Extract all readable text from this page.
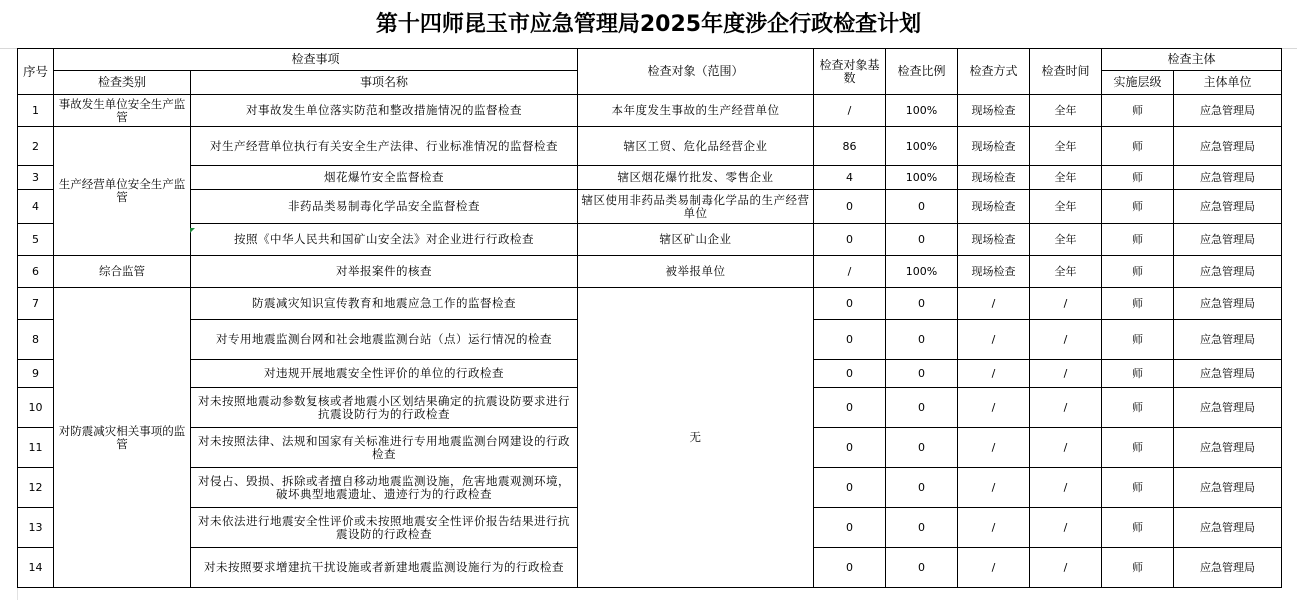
第十四师昆玉市应急管理局2025年度涉企行政检查计划
序号	检查事项		检查对象（范围）	检查对象基数	检查比例	检查方式	检查时间	检查主体	
	检查类别	事项名称						实施层级	主体单位
1	事故发生单位安全生产监管	对事故发生单位落实防范和整改措施情况的监督检查	本年度发生事故的生产经营单位	/	100%	现场检查	全年	师	应急管理局
2	生产经营单位安全生产监管	对生产经营单位执行有关安全生产法律、行业标准情况的监督检查	辖区工贸、危化品经营企业	86	100%	现场检查	全年	师	应急管理局
3		烟花爆竹安全监督检查	辖区烟花爆竹批发、零售企业	4	100%	现场检查	全年	师	应急管理局
4		非药品类易制毒化学品安全监督检查	辖区使用非药品类易制毒化学品的生产经营单位	0	0	现场检查	全年	师	应急管理局
5		按照《中华人民共和国矿山安全法》对企业进行行政检查	辖区矿山企业	0	0	现场检查	全年	师	应急管理局
6	综合监管	对举报案件的核查	被举报单位	/	100%	现场检查	全年	师	应急管理局
7	对防震减灾相关事项的监管	防震减灾知识宣传教育和地震应急工作的监督检查	无	0	0	/	/	师	应急管理局
8		对专用地震监测台网和社会地震监测台站（点）运行情况的检查		0	0	/	/	师	应急管理局
9		对违规开展地震安全性评价的单位的行政检查		0	0	/	/	师	应急管理局
10		对未按照地震动参数复核或者地震小区划结果确定的抗震设防要求进行抗震设防行为的行政检查		0	0	/	/	师	应急管理局
11		对未按照法律、法规和国家有关标准进行专用地震监测台网建设的行政检查		0	0	/	/	师	应急管理局
12		对侵占、毁损、拆除或者擅自移动地震监测设施，危害地震观测环境，破坏典型地震遗址、遗迹行为的行政检查		0	0	/	/	师	应急管理局
13		对未依法进行地震安全性评价或未按照地震安全性评价报告结果进行抗震设防的行政检查		0	0	/	/	师	应急管理局
14		对未按照要求增建抗干扰设施或者新建地震监测设施行为的行政检查		0	0	/	/	师	应急管理局
